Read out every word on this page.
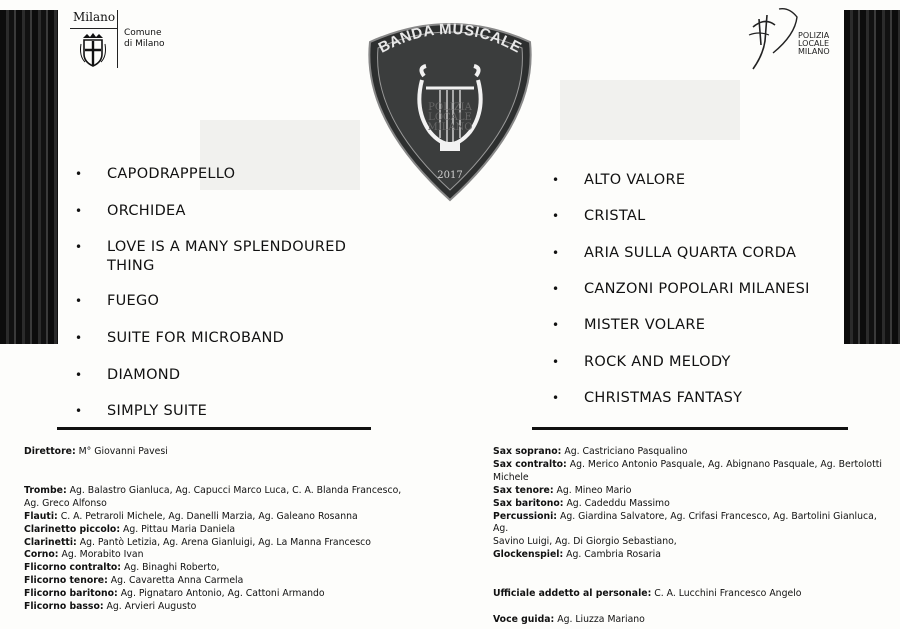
Milano
Comune
di Milano	BANDA MUSICALE
POLIZIA
LOCALE
MILANO
2017
POLIZIA
LOCALE
MILANO
• CAPODRAPPELLO
• ORCHIDEA
• LOVE IS A MANY SPLENDOURED
THING
• FUEGO
• SUITE FOR MICROBAND
• DIAMOND
• SIMPLY SUITE
• ALTO VALORE
• CRISTAL
• ARIA SULLA QUARTA CORDA
• CANZONI POPOLARI MILANESI
• MISTER VOLARE
• ROCK AND MELODY
• CHRISTMAS FANTASY

Direttore: M° Giovanni Pavesi

Trombe: Ag. Balastro Gianluca, Ag. Capucci Marco Luca, C. A. Blanda Francesco,

Ag. Greco Alfonso

Flauti: C. A. Petraroli Michele, Ag. Danelli Marzia, Ag. Galeano Rosanna

Clarinetto piccolo: Ag. Pittau Maria Daniela

Clarinetti: Ag. Pantò Letizia, Ag. Arena Gianluigi, Ag. La Manna Francesco

Corno: Ag. Morabito Ivan

Flicorno contralto: Ag. Binaghi Roberto,

Flicorno tenore: Ag. Cavaretta Anna Carmela

Flicorno baritono: Ag. Pignataro Antonio, Ag. Cattoni Armando

Flicorno basso: Ag. Arvieri Augusto

Sax soprano: Ag. Castriciano Pasqualino

Sax contralto: Ag. Merico Antonio Pasquale, Ag. Abignano Pasquale, Ag. Bertolotti

Michele

Sax tenore: Ag. Mineo Mario

Sax baritono: Ag. Cadeddu Massimo

Percussioni: Ag. Giardina Salvatore, Ag. Crifasi Francesco, Ag. Bartolini Gianluca, Ag.

Savino Luigi, Ag. Di Giorgio Sebastiano,

Glockenspiel: Ag. Cambria Rosaria

Ufficiale addetto al personale: C. A. Lucchini Francesco Angelo

Voce guida: Ag. Liuzza Mariano
